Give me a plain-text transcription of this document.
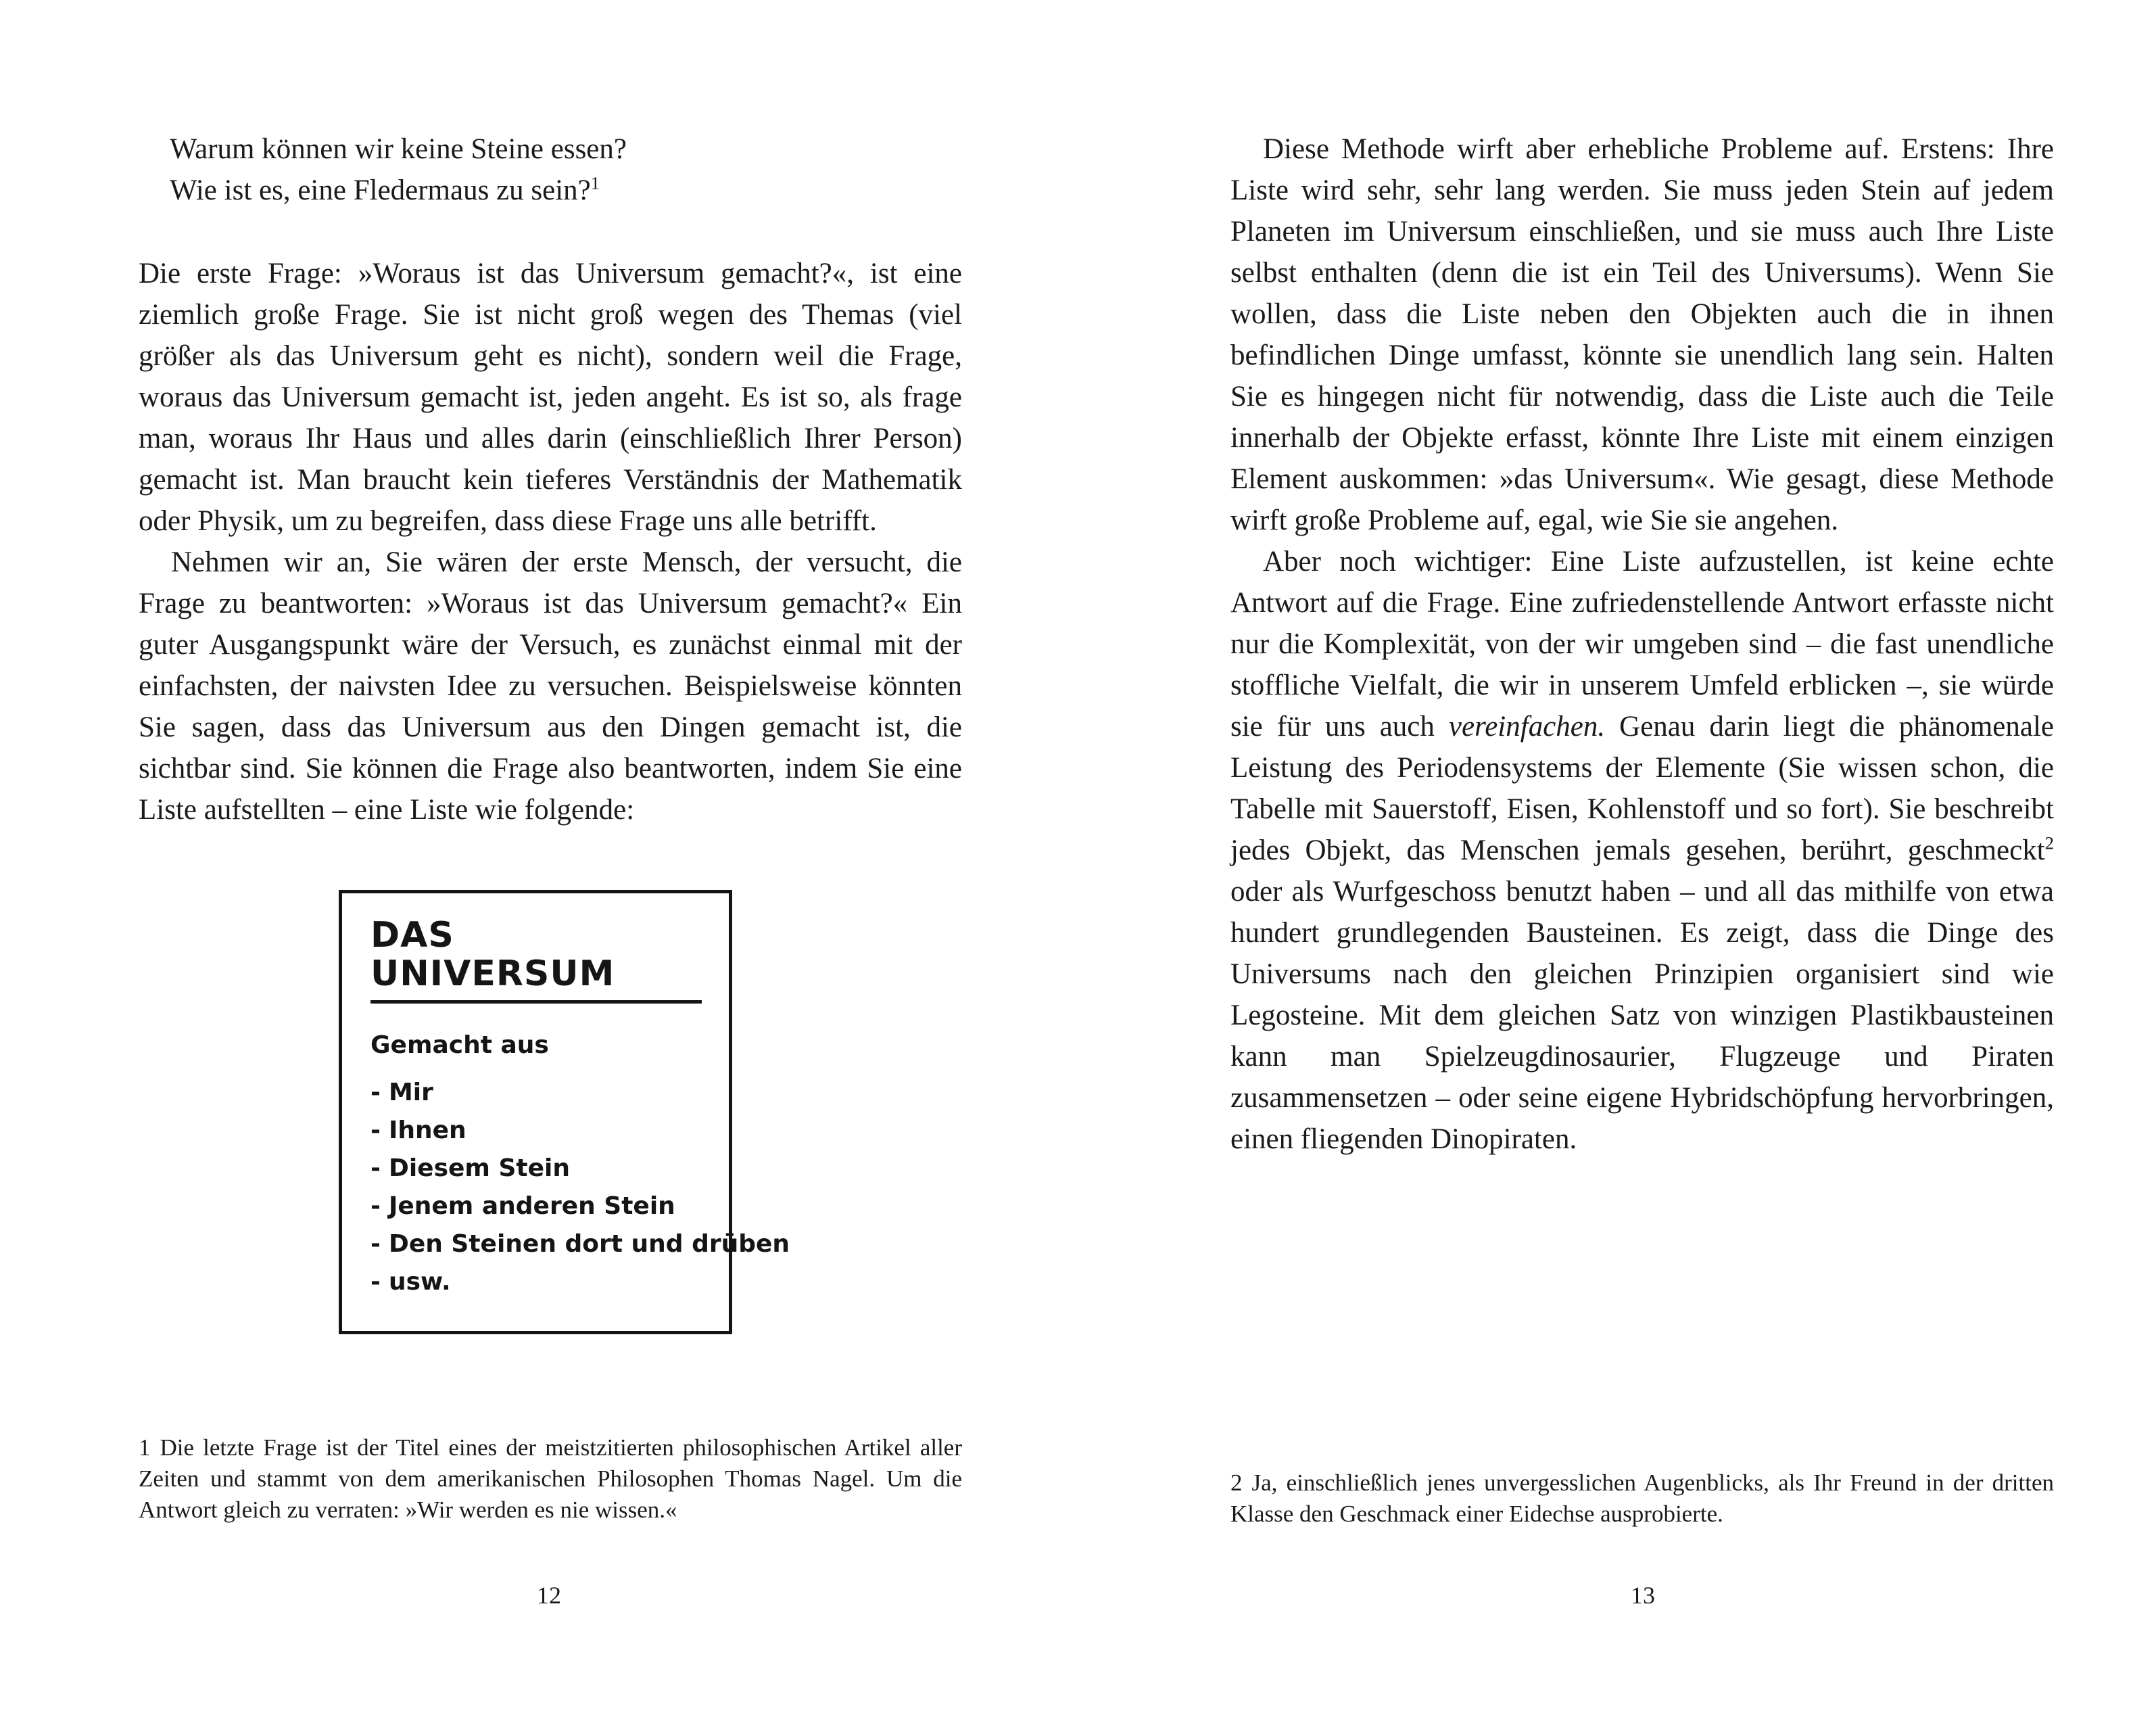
Warum können wir keine Steine essen?

Wie ist es, eine Fledermaus zu sein?$^1$

Die erste Frage: »Woraus ist das Universum gemacht?«, ist eine ziemlich große Frage. Sie ist nicht groß wegen des Themas (viel größer als das Universum geht es nicht), sondern weil die Frage, woraus das Universum gemacht ist, jeden angeht. Es ist so, als frage man, woraus Ihr Haus und alles darin (einschließlich Ihrer Person) gemacht ist. Man braucht kein tieferes Verständnis der Mathematik oder Physik, um zu begreifen, dass diese Frage uns alle betrifft.

Nehmen wir an, Sie wären der erste Mensch, der versucht, die Frage zu beantworten: »Woraus ist das Universum gemacht?« Ein guter Ausgangspunkt wäre der Versuch, es zunächst einmal mit der einfachsten, der naivsten Idee zu versuchen. Beispielsweise könnten Sie sagen, dass das Universum aus den Dingen gemacht ist, die sichtbar sind. Sie können die Frage also beantworten, indem Sie eine Liste aufstellten – eine Liste wie folgende:

DAS UNIVERSUM
Gemacht aus
- Mir
- Ihnen
- Diesem Stein
- Jenem anderen Stein
- Den Steinen dort und drüben
- usw.

Diese Methode wirft aber erhebliche Probleme auf. Erstens: Ihre Liste wird sehr, sehr lang werden. Sie muss jeden Stein auf jedem Planeten im Universum einschließen, und sie muss auch Ihre Liste selbst enthalten (denn die ist ein Teil des Universums). Wenn Sie wollen, dass die Liste neben den Objekten auch die in ihnen befindlichen Dinge umfasst, könnte sie unendlich lang sein. Halten Sie es hingegen nicht für notwendig, dass die Liste auch die Teile innerhalb der Objekte erfasst, könnte Ihre Liste mit einem einzigen Element auskommen: »das Universum«. Wie gesagt, diese Methode wirft große Probleme auf, egal, wie Sie sie angehen.

Aber noch wichtiger: Eine Liste aufzustellen, ist keine echte Antwort auf die Frage. Eine zufriedenstellende Antwort erfasste nicht nur die Komplexität, von der wir umgeben sind – die fast unendliche stoffliche Vielfalt, die wir in unserem Umfeld erblicken –, sie würde sie für uns auch vereinfachen. Genau darin liegt die phänomenale Leistung des Periodensystems der Elemente (Sie wissen schon, die Tabelle mit Sauerstoff, Eisen, Kohlenstoff und so fort). Sie beschreibt jedes Objekt, das Menschen jemals gesehen, berührt, geschmeckt$^2$ oder als Wurfgeschoss benutzt haben – und all das mithilfe von etwa hundert grundlegenden Bausteinen. Es zeigt, dass die Dinge des Universums nach den gleichen Prinzipien organisiert sind wie Legosteine. Mit dem gleichen Satz von winzigen Plastikbausteinen kann man Spielzeugdinosaurier, Flugzeuge und Piraten zusammensetzen – oder seine eigene Hybridschöpfung hervorbringen, einen fliegenden Dinopiraten.

1 Die letzte Frage ist der Titel eines der meistzitierten philosophischen Artikel aller Zeiten und stammt von dem amerikanischen Philosophen Thomas Nagel. Um die Antwort gleich zu verraten: »Wir werden es nie wissen.«
2 Ja, einschließlich jenes unvergesslichen Augenblicks, als Ihr Freund in der dritten Klasse den Geschmack einer Eidechse ausprobierte.
12	13
